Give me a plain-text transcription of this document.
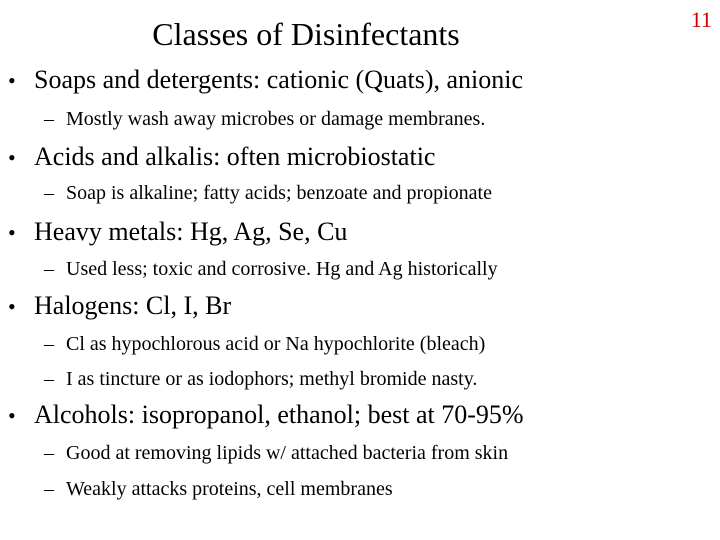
Classes of Disinfectants	11
• Soaps and detergents: cationic (Quats), anionic
– Mostly wash away microbes or damage membranes.
• Acids and alkalis: often microbiostatic
– Soap is alkaline; fatty acids; benzoate and propionate
• Heavy metals: Hg, Ag, Se, Cu
– Used less; toxic and corrosive. Hg and Ag historically
• Halogens: Cl, I, Br
– Cl as hypochlorous acid or Na hypochlorite (bleach)
– I as tincture or as iodophors; methyl bromide nasty.
• Alcohols: isopropanol, ethanol; best at 70-95%
– Good at removing lipids w/ attached bacteria from skin
– Weakly attacks proteins, cell membranes
